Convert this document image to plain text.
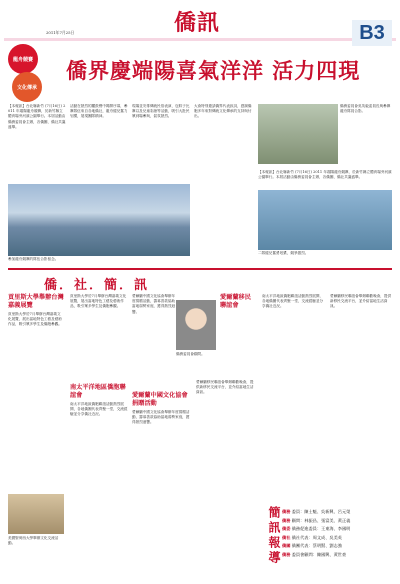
2011年7月25日	僑訊	B3
龍舟競賽
文化傳承
僑界慶端陽喜氣洋洋 活力四現
【本報訊】台北縣新竹 (7月16日) 2011 年端陽龍舟競賽，於新竹縣立體育場旁河濱公園舉行。本屆活動由僑務委員會主辦，各僑團、僑社共襄盛舉。
活動在熱烈的鑼鼓聲中揭開序幕，參賽隊伍來自各地僑社，龍舟健兒奮力划槳，展現團隊精神。
現場並安排傳統民俗表演、包粽子比賽以及兒童彩繪等活動，吸引大批民眾到場參與，氣氛熱烈。
大會特別邀請僑界代表致詞，感謝僑胞多年來對傳統文化傳承的支持與付出。
僑務委員會吳英毅委員長與參賽龍舟隊員合影。
【本報訊】台北縣新竹 (7月16日) 2011 年端陽龍舟競賽，於新竹縣立體育場旁河濱公園舉行。本屆活動由僑務委員會主辦，各僑團、僑社共襄盛舉。
參加龍舟競賽的隊伍合影留念。
二隊健兒奮勇划槳，競爭激烈。
僑．社．簡．訊
貢里斯大學舉辦台灣嘉義展覽
貢里斯大學於7月舉辦台灣嘉義文化展覽，展出當地特色工藝及藝術作品，吸引眾多學生及僑胞參觀。
美國聖荷西大學舉辦文化交流活動。
貢里斯大學於7月舉辦台灣嘉義文化展覽，展出當地特色工藝及藝術作品，吸引眾多學生及僑胞參觀。
南太平洋地區僑胞聯誼會
南太平洋地區僑胞聯誼活動熱烈展開，各地僑團代表齊聚一堂，交流經驗並分享僑社近況。
愛爾蘭中國文化協會舉辦年度捐贈活動，籌募善款協助當地弱勢家庭，獲得熱烈迴響。
僑務委員會顧問。
愛爾蘭中國文化協會捐贈活動
愛爾蘭中國文化協會舉辦年度捐贈活動，籌募善款協助當地弱勢家庭，獲得熱烈迴響。
愛爾蘭移民聯誼會舉辦聯歡晚會，提供新移民交流平台，並介紹當地生活資訊。
愛爾蘭移民聯誼會
南太平洋地區僑胞聯誼活動熱烈展開，各地僑團代表齊聚一堂，交流經驗並分享僑社近況。
愛爾蘭移民聯誼會舉辦聯歡晚會，提供新移民交流平台，並介紹當地生活資訊。
簡訊報導 僑務 委員：陳士魁、吳新興、呂元榮
僑務 顧問：林振昌、張富美、黃正義
僑委 僑務促進委員：王東海、李國明
僑社 僑社代表：周文成、吳美英
僑團 僑團代表：蔡明賢、劉志強
僑務 委員會顧問：陳國興、黃世豪
